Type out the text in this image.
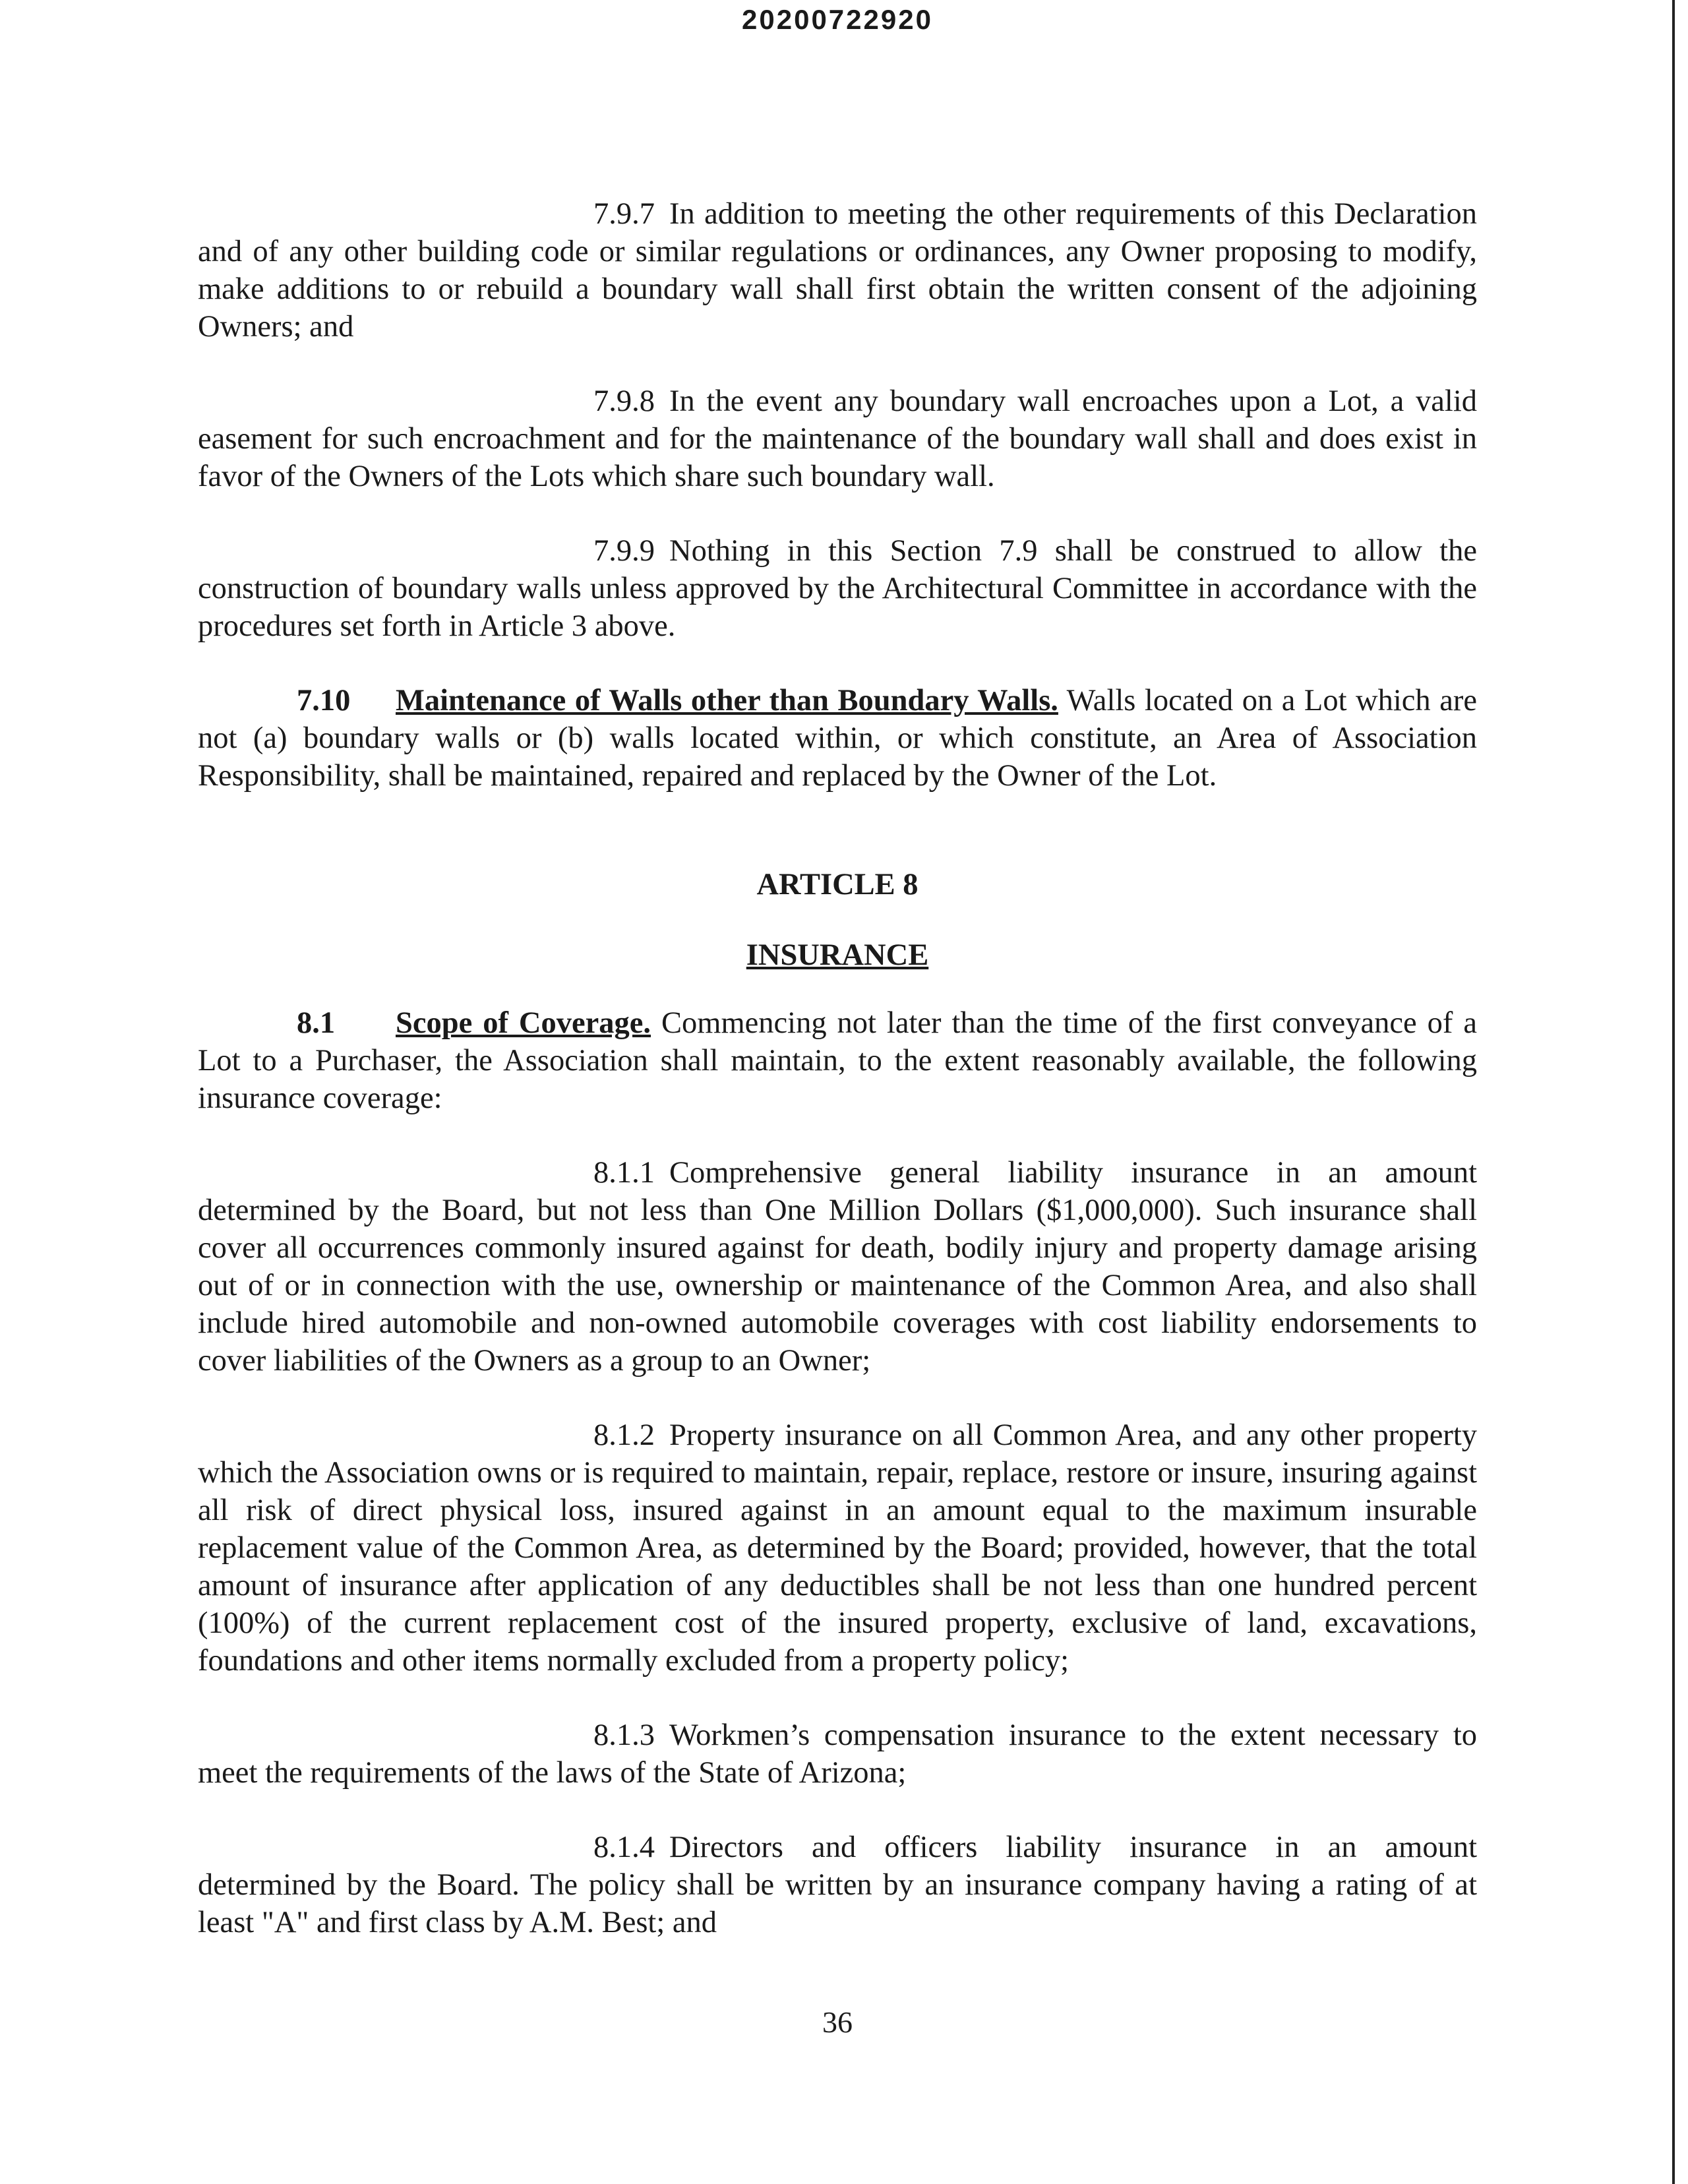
20200722920

7.9.7 In addition to meeting the other requirements of this Declaration and of any other building code or similar regulations or ordinances, any Owner proposing to modify, make additions to or rebuild a boundary wall shall first obtain the written consent of the adjoining Owners; and

7.9.8 In the event any boundary wall encroaches upon a Lot, a valid easement for such encroachment and for the maintenance of the boundary wall shall and does exist in favor of the Owners of the Lots which share such boundary wall.

7.9.9 Nothing in this Section 7.9 shall be construed to allow the construction of boundary walls unless approved by the Architectural Committee in accordance with the procedures set forth in Article 3 above.

7.10 Maintenance of Walls other than Boundary Walls. Walls located on a Lot which are not (a) boundary walls or (b) walls located within, or which constitute, an Area of Association Responsibility, shall be maintained, repaired and replaced by the Owner of the Lot.

ARTICLE 8

INSURANCE

8.1 Scope of Coverage. Commencing not later than the time of the first conveyance of a Lot to a Purchaser, the Association shall maintain, to the extent reasonably available, the following insurance coverage:

8.1.1 Comprehensive general liability insurance in an amount determined by the Board, but not less than One Million Dollars ($1,000,000). Such insurance shall cover all occurrences commonly insured against for death, bodily injury and property damage arising out of or in connection with the use, ownership or maintenance of the Common Area, and also shall include hired automobile and non-owned automobile coverages with cost liability endorsements to cover liabilities of the Owners as a group to an Owner;

8.1.2 Property insurance on all Common Area, and any other property which the Association owns or is required to maintain, repair, replace, restore or insure, insuring against all risk of direct physical loss, insured against in an amount equal to the maximum insurable replacement value of the Common Area, as determined by the Board; provided, however, that the total amount of insurance after application of any deductibles shall be not less than one hundred percent (100%) of the current replacement cost of the insured property, exclusive of land, excavations, foundations and other items normally excluded from a property policy;

8.1.3 Workmen’s compensation insurance to the extent necessary to meet the requirements of the laws of the State of Arizona;

8.1.4 Directors and officers liability insurance in an amount determined by the Board. The policy shall be written by an insurance company having a rating of at least "A" and first class by A.M. Best; and

36
